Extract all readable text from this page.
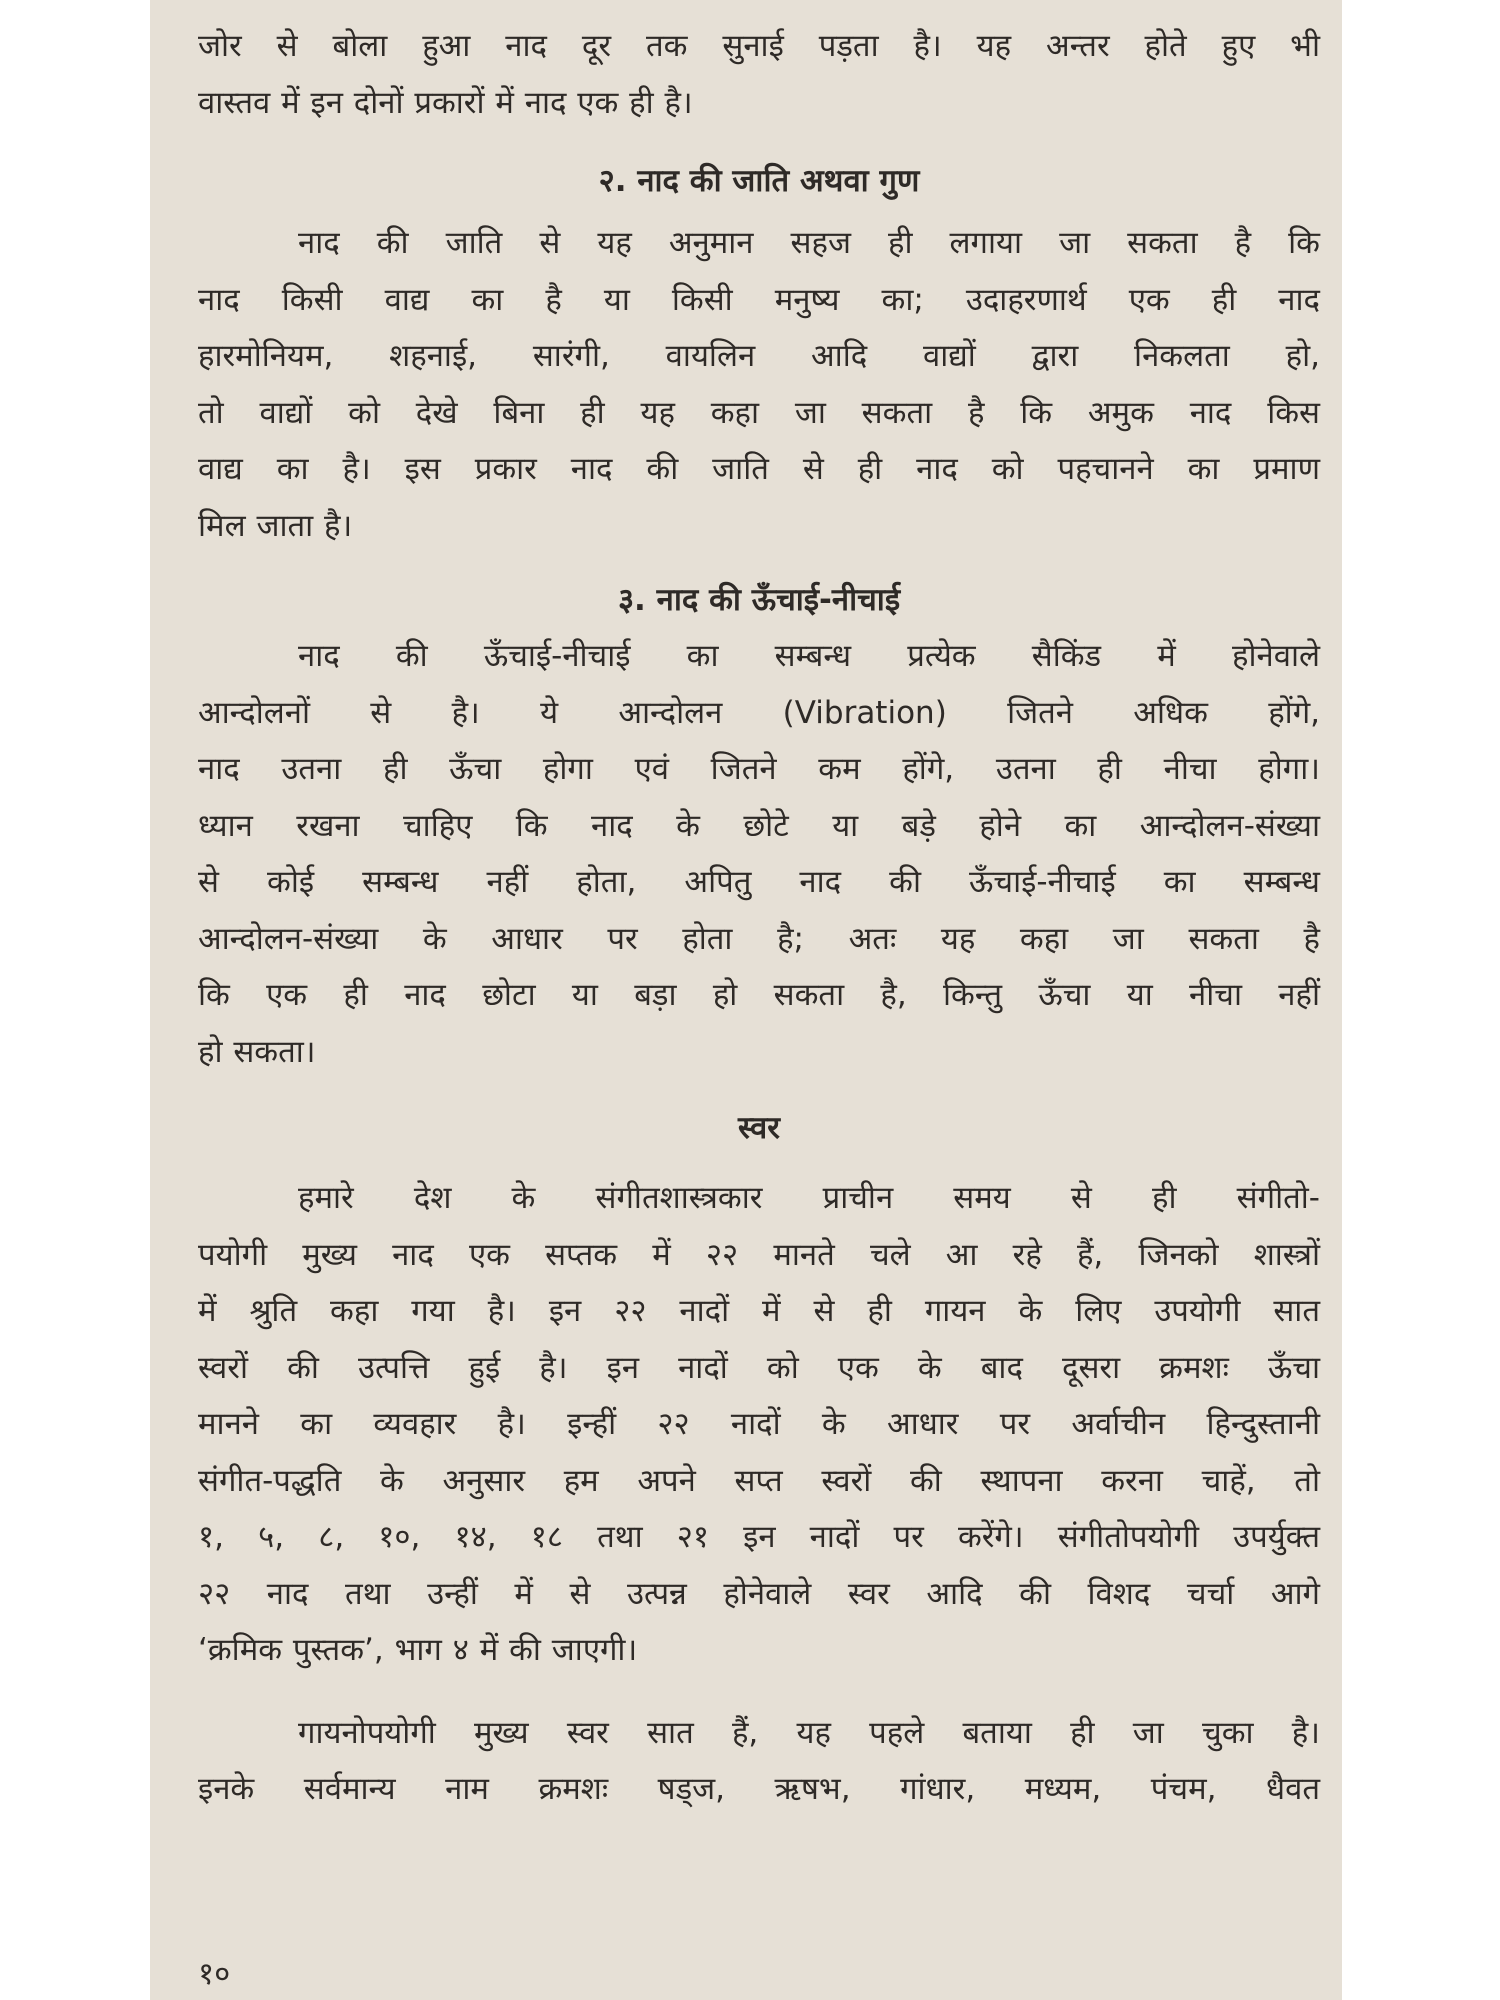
जोर से बोला हुआ नाद दूर तक सुनाई पड़ता है। यह अन्तर होते हुए भी
वास्तव में इन दोनों प्रकारों में नाद एक ही है।
२. नाद की जाति अथवा गुण
नाद की जाति से यह अनुमान सहज ही लगाया जा सकता है कि
नाद किसी वाद्य का है या किसी मनुष्य का; उदाहरणार्थ एक ही नाद
हारमोनियम, शहनाई, सारंगी, वायलिन आदि वाद्यों द्वारा निकलता हो,
तो वाद्यों को देखे बिना ही यह कहा जा सकता है कि अमुक नाद किस
वाद्य का है। इस प्रकार नाद की जाति से ही नाद को पहचानने का प्रमाण
मिल जाता है।
३. नाद की ऊँचाई-नीचाई
नाद की ऊँचाई-नीचाई का सम्बन्ध प्रत्येक सैकिंड में होनेवाले
आन्दोलनों से है। ये आन्दोलन (Vibration) जितने अधिक होंगे,
नाद उतना ही ऊँचा होगा एवं जितने कम होंगे, उतना ही नीचा होगा।
ध्यान रखना चाहिए कि नाद के छोटे या बड़े होने का आन्दोलन-संख्या
से कोई सम्बन्ध नहीं होता, अपितु नाद की ऊँचाई-नीचाई का सम्बन्ध
आन्दोलन-संख्या के आधार पर होता है; अतः यह कहा जा सकता है
कि एक ही नाद छोटा या बड़ा हो सकता है, किन्तु ऊँचा या नीचा नहीं
हो सकता।
स्वर
हमारे देश के संगीतशास्त्रकार प्राचीन समय से ही संगीतो-
पयोगी मुख्य नाद एक सप्तक में २२ मानते चले आ रहे हैं, जिनको शास्त्रों
में श्रुति कहा गया है। इन २२ नादों में से ही गायन के लिए उपयोगी सात
स्वरों की उत्पत्ति हुई है। इन नादों को एक के बाद दूसरा क्रमशः ऊँचा
मानने का व्यवहार है। इन्हीं २२ नादों के आधार पर अर्वाचीन हिन्दुस्तानी
संगीत-पद्धति के अनुसार हम अपने सप्त स्वरों की स्थापना करना चाहें, तो
१, ५, ८, १०, १४, १८ तथा २१ इन नादों पर करेंगे। संगीतोपयोगी उपर्युक्त
२२ नाद तथा उन्हीं में से उत्पन्न होनेवाले स्वर आदि की विशद चर्चा आगे
‘क्रमिक पुस्तक’, भाग ४ में की जाएगी।
गायनोपयोगी मुख्य स्वर सात हैं, यह पहले बताया ही जा चुका है।
इनके सर्वमान्य नाम क्रमशः षड्ज, ऋषभ, गांधार, मध्यम, पंचम, धैवत
१०
